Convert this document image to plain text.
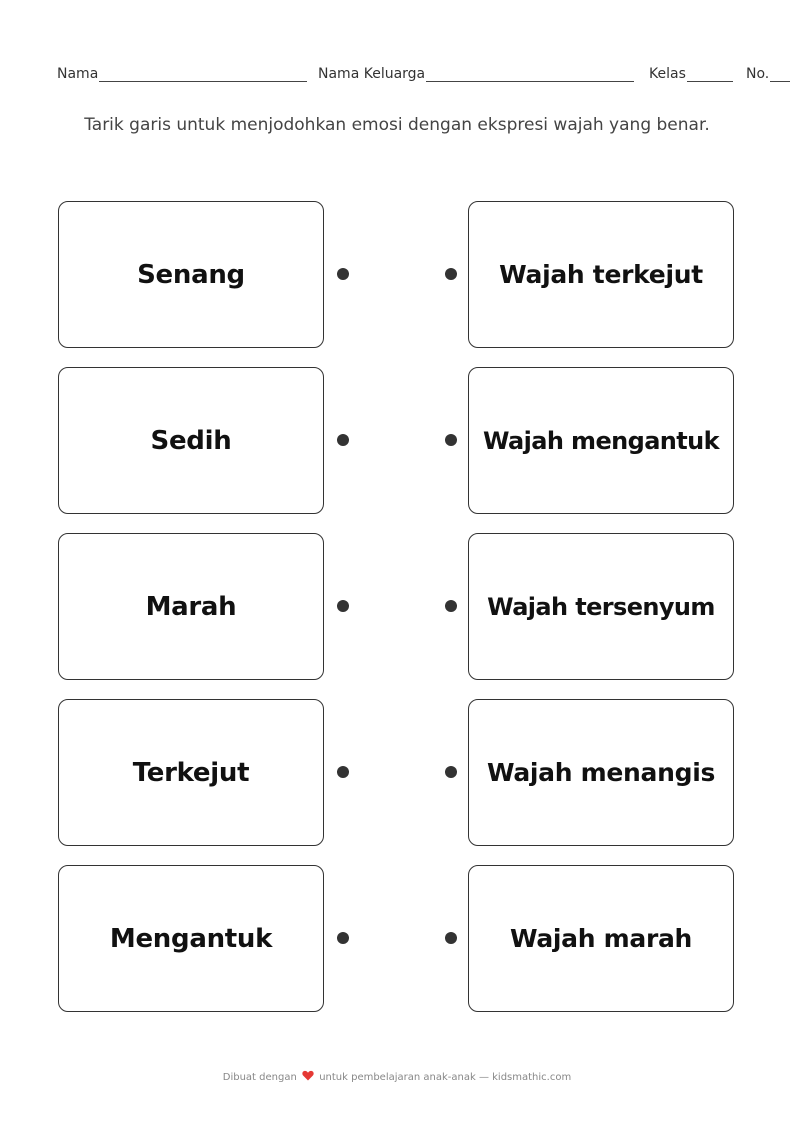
Nama	Nama Keluarga	Kelas	No.
Tarik garis untuk menjodohkan emosi dengan ekspresi wajah yang benar.
Senang
Sedih
Marah
Terkejut
Mengantuk
Wajah terkejut
Wajah mengantuk
Wajah tersenyum
Wajah menangis
Wajah marah
Dibuat dengan untuk pembelajaran anak-anak — kidsmathic.com
